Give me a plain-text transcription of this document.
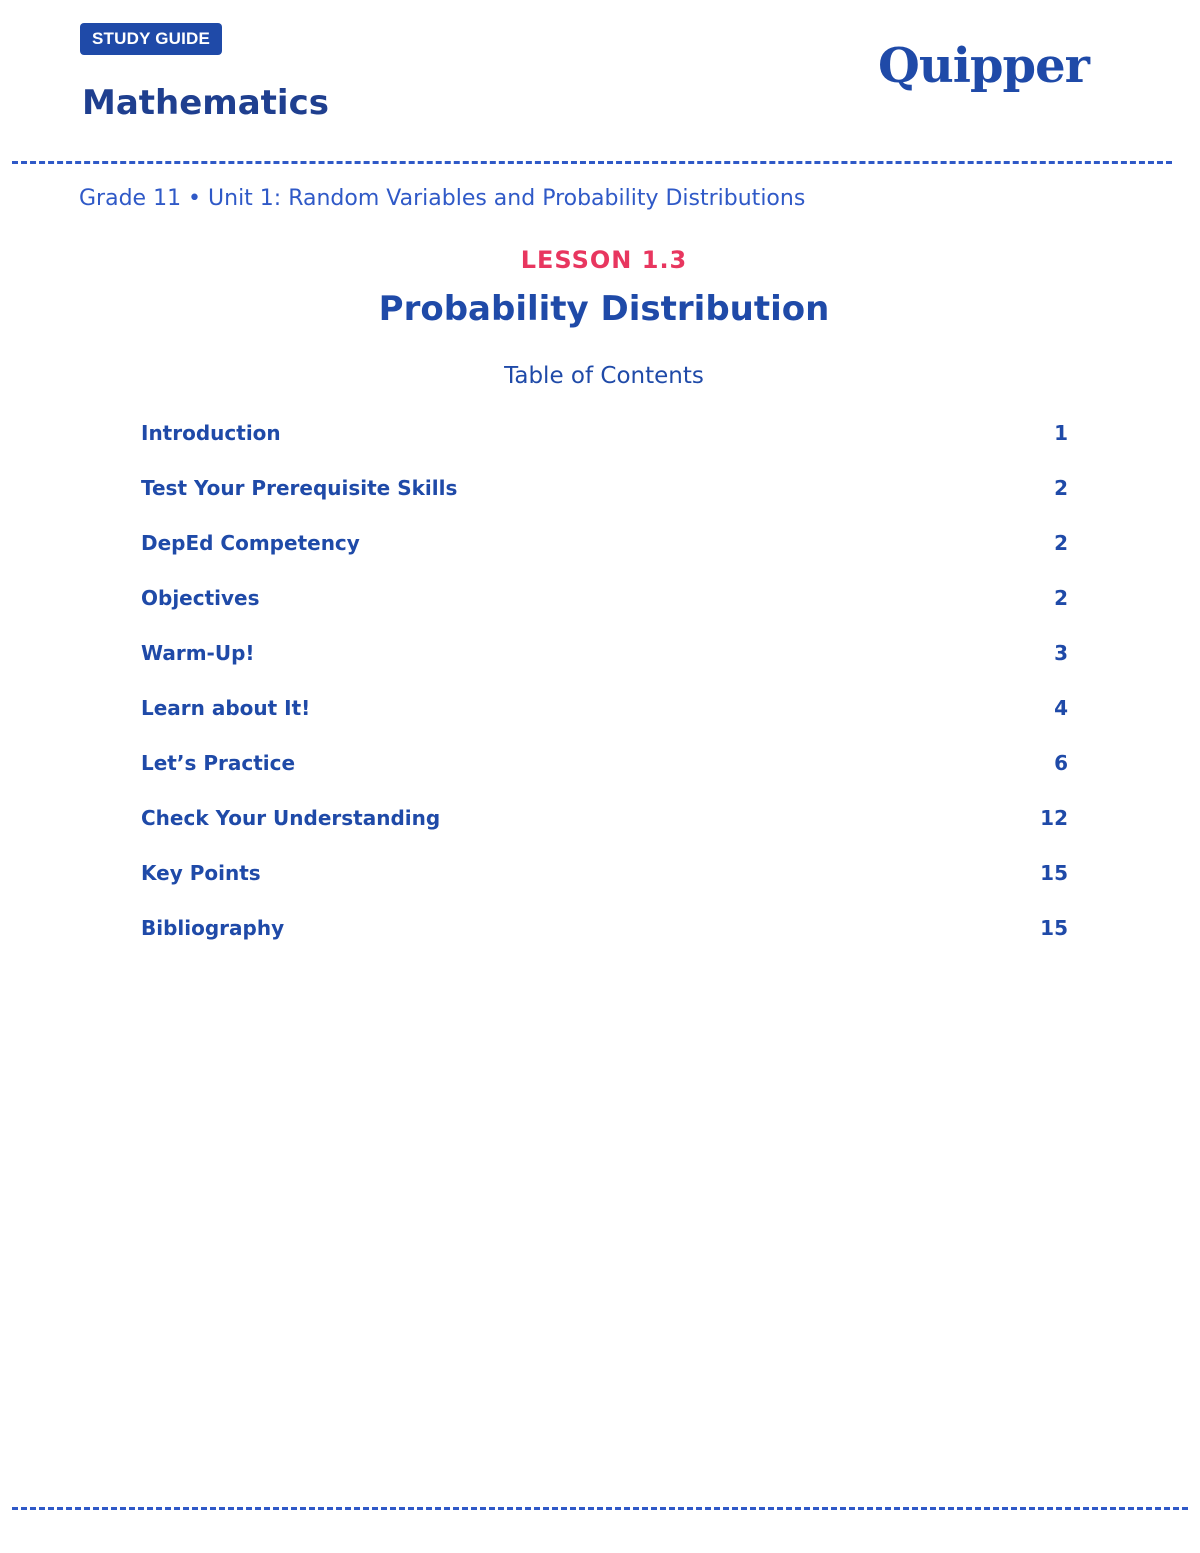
STUDY GUIDE
Mathematics
Quipper
Grade 11 • Unit 1: Random Variables and Probability Distributions
LESSON 1.3
Probability Distribution
Table of Contents
Introduction	1
Test Your Prerequisite Skills	2
DepEd Competency	2
Objectives	2
Warm-Up!	3
Learn about It!	4
Let’s Practice	6
Check Your Understanding	12
Key Points	15
Bibliography	15
